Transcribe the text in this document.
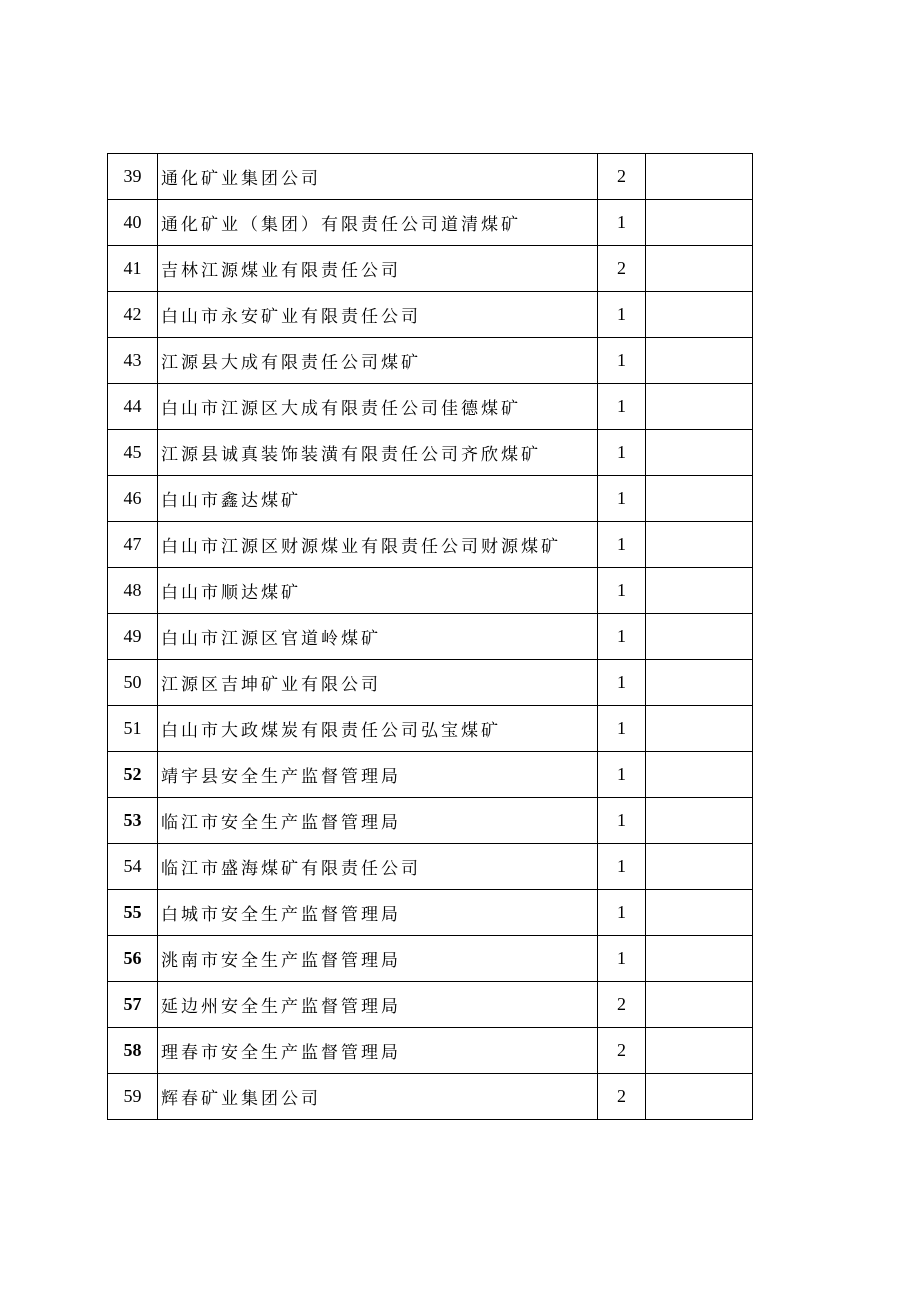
39	通化矿业集团公司	2	
40	通化矿业（集团）有限责任公司道清煤矿	1	
41	吉林江源煤业有限责任公司	2	
42	白山市永安矿业有限责任公司	1	
43	江源县大成有限责任公司煤矿	1	
44	白山市江源区大成有限责任公司佳德煤矿	1	
45	江源县诚真装饰装潢有限责任公司齐欣煤矿	1	
46	白山市鑫达煤矿	1	
47	白山市江源区财源煤业有限责任公司财源煤矿	1	
48	白山市顺达煤矿	1	
49	白山市江源区官道岭煤矿	1	
50	江源区吉坤矿业有限公司	1	
51	白山市大政煤炭有限责任公司弘宝煤矿	1	
52	靖宇县安全生产监督管理局	1	
53	临江市安全生产监督管理局	1	
54	临江市盛海煤矿有限责任公司	1	
55	白城市安全生产监督管理局	1	
56	洮南市安全生产监督管理局	1	
57	延边州安全生产监督管理局	2	
58	理春市安全生产监督管理局	2	
59	辉春矿业集团公司	2	
